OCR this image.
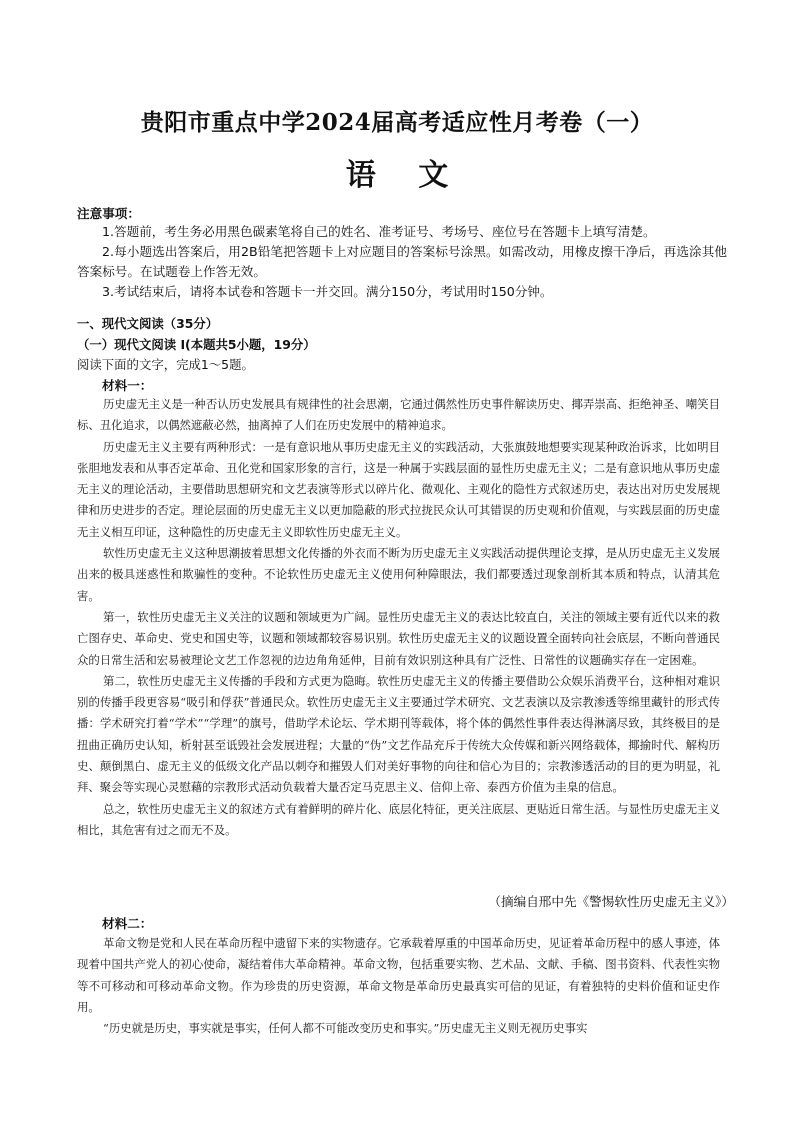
贵阳市重点中学2024届高考适应性月考卷（一）
语 文
注意事项：

1.答题前，考生务必用黑色碳素笔将自己的姓名、准考证号、考场号、座位号在答题卡上填写清楚。

2.每小题选出答案后，用2B铅笔把答题卡上对应题目的答案标号涂黑。如需改动，用橡皮擦干净后，再选涂其他答案标号。在试题卷上作答无效。

3.考试结束后，请将本试卷和答题卡一并交回。满分150分，考试用时150分钟。

一、现代文阅读（35分）
（一）现代文阅读 I(本题共5小题，19分）
阅读下面的文字，完成1～5题。
材料一：

历史虚无主义是一种否认历史发展具有规律性的社会思潮，它通过偶然性历史事件解读历史、揶弄崇高、拒绝神圣、嘲笑目标、丑化追求，以偶然遮蔽必然，抽离掉了人们在历史发展中的精神追求。

历史虚无主义主要有两种形式：一是有意识地从事历史虚无主义的实践活动，大张旗鼓地想要实现某种政治诉求，比如明目张胆地发表和从事否定革命、丑化党和国家形象的言行，这是一种属于实践层面的显性历史虚无主义；二是有意识地从事历史虚无主义的理论活动，主要借助思想研究和文艺表演等形式以碎片化、微观化、主观化的隐性方式叙述历史，表达出对历史发展规律和历史进步的否定。理论层面的历史虚无主义以更加隐蔽的形式拉拢民众认可其错误的历史观和价值观，与实践层面的历史虚无主义相互印证，这种隐性的历史虚无主义即软性历史虚无主义。

软性历史虚无主义这种思潮披着思想文化传播的外衣而不断为历史虚无主义实践活动提供理论支撑，是从历史虚无主义发展出来的极具迷惑性和欺骗性的变种。不论软性历史虚无主义使用何种障眼法，我们都要透过现象剖析其本质和特点，认清其危害。

第一，软性历史虚无主义关注的议题和领域更为广阔。显性历史虚无主义的表达比较直白，关注的领域主要有近代以来的救亡图存史、革命史、党史和国史等，议题和领域都较容易识别。软性历史虚无主义的议题设置全面转向社会底层，不断向普通民众的日常生活和宏易被理论文艺工作忽视的边边角角延伸，目前有效识别这种具有广泛性、日常性的议题确实存在一定困难。

第二，软性历史虚无主义传播的手段和方式更为隐晦。软性历史虚无主义的传播主要借助公众娱乐消费平台，这种相对难识别的传播手段更容易“吸引和俘获”普通民众。软性历史虚无主义主要通过学术研究、文艺表演以及宗教渗透等绵里藏针的形式传播：学术研究打着“学术”“学理”的旗号，借助学术论坛、学术期刊等载体，将个体的偶然性事件表达得淋漓尽致，其终极目的是扭曲正确历史认知，析射甚至诋毁社会发展进程；大量的“伪”文艺作品充斥于传统大众传媒和新兴网络载体，揶揄时代、解构历史、颠倒黑白、虚无主义的低级文化产品以刺夺和摧毁人们对美好事物的向往和信心为目的；宗教渗透活动的目的更为明显，礼拜、聚会等实现心灵慰藉的宗教形式活动负载着大量否定马克思主义、信仰上帝、泰西方价值为圭臬的信息。

总之，软性历史虚无主义的叙述方式有着鲜明的碎片化、底层化特征，更关注底层、更贴近日常生活。与显性历史虚无主义相比，其危害有过之而无不及。

（摘编自邢中先《警惕软性历史虚无主义》）
材料二：

革命文物是党和人民在革命历程中遗留下来的实物遗存。它承载着厚重的中国革命历史，见证着革命历程中的感人事迹，体现着中国共产党人的初心使命，凝结着伟大革命精神。革命文物，包括重要实物、艺术品、文献、手稿、图书资料、代表性实物等不可移动和可移动革命文物。作为珍贵的历史资源，革命文物是革命历史最真实可信的见证，有着独特的史料价值和证史作用。

“历史就是历史，事实就是事实，任何人都不可能改变历史和事实。”历史虚无主义则无视历史事实
